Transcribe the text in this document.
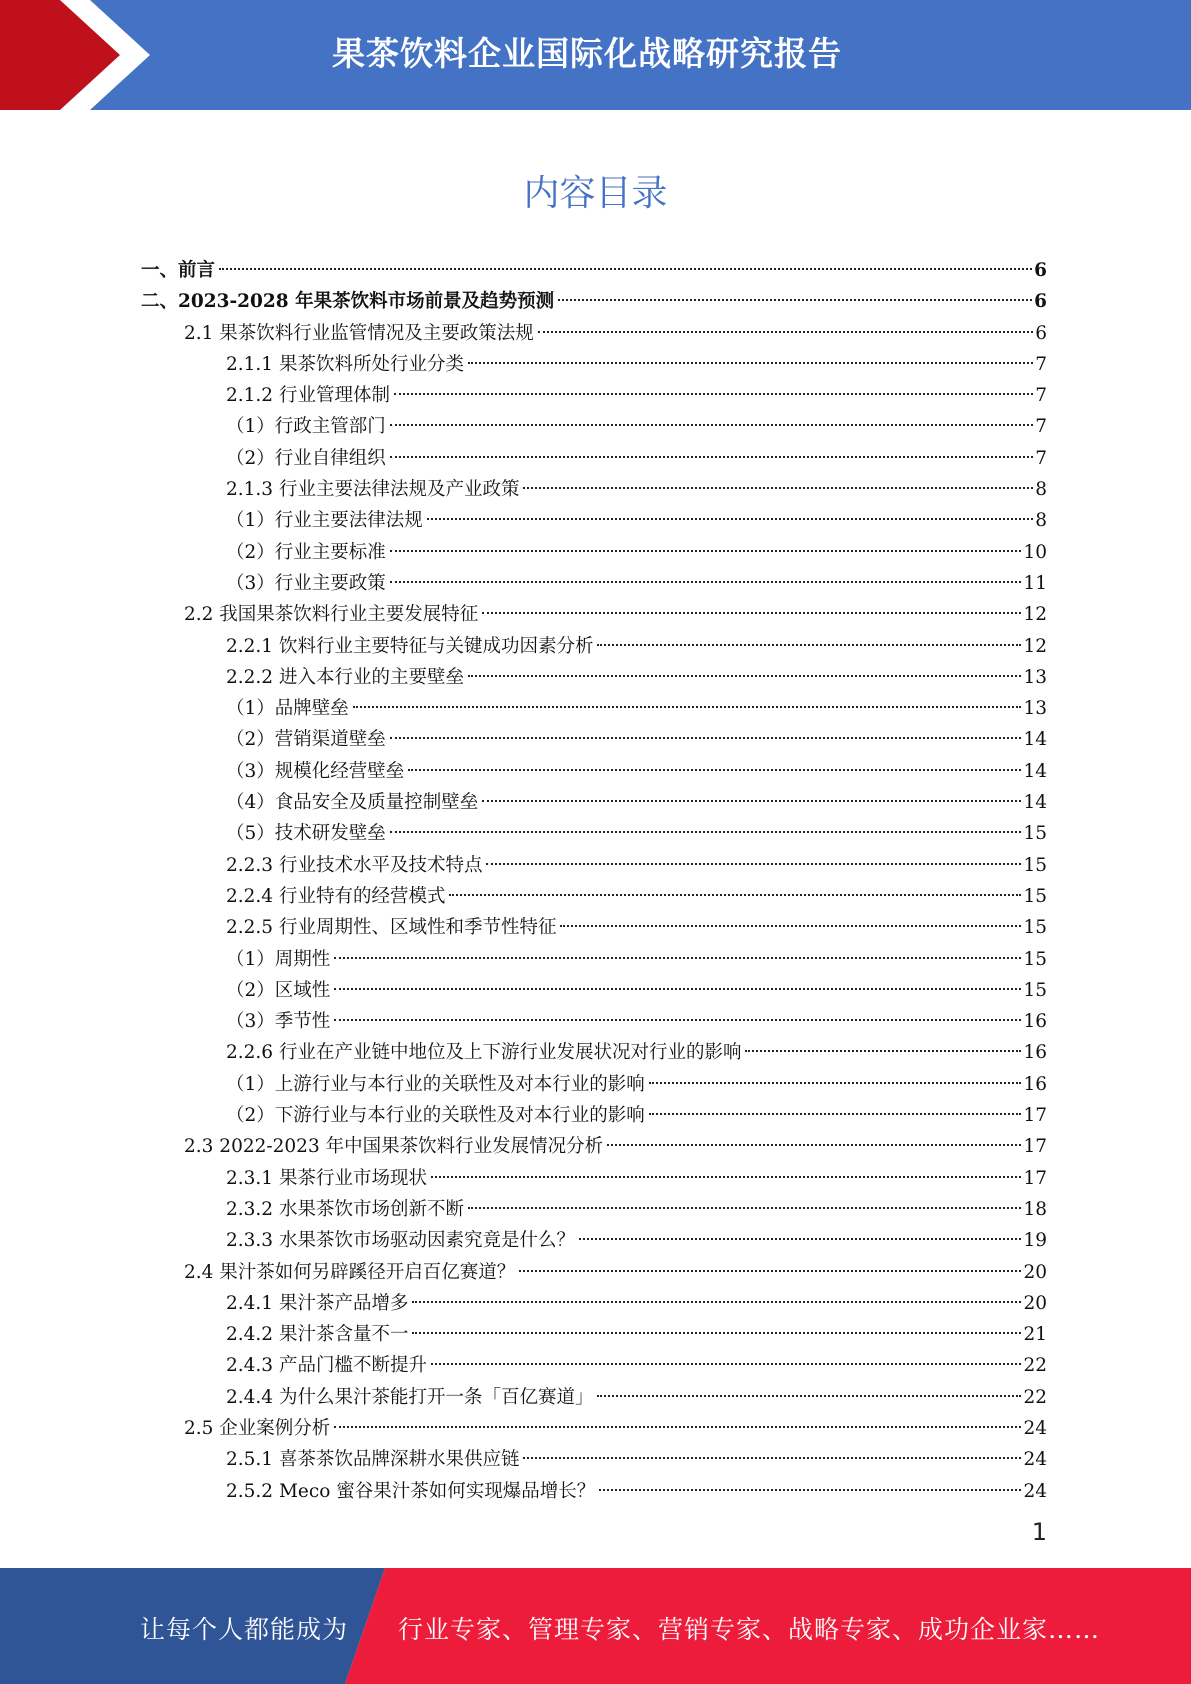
果茶饮料企业国际化战略研究报告
内容目录
一、前言	6
二、2023-2028 年果茶饮料市场前景及趋势预测	6
2.1 果茶饮料行业监管情况及主要政策法规	6
2.1.1 果茶饮料所处行业分类	7
2.1.2 行业管理体制	7
（1）行政主管部门	7
（2）行业自律组织	7
2.1.3 行业主要法律法规及产业政策	8
（1）行业主要法律法规	8
（2）行业主要标准	10
（3）行业主要政策	11
2.2 我国果茶饮料行业主要发展特征	12
2.2.1 饮料行业主要特征与关键成功因素分析	12
2.2.2 进入本行业的主要壁垒	13
（1）品牌壁垒	13
（2）营销渠道壁垒	14
（3）规模化经营壁垒	14
（4）食品安全及质量控制壁垒	14
（5）技术研发壁垒	15
2.2.3 行业技术水平及技术特点	15
2.2.4 行业特有的经营模式	15
2.2.5 行业周期性、区域性和季节性特征	15
（1）周期性	15
（2）区域性	15
（3）季节性	16
2.2.6 行业在产业链中地位及上下游行业发展状况对行业的影响	16
（1）上游行业与本行业的关联性及对本行业的影响	16
（2）下游行业与本行业的关联性及对本行业的影响	17
2.3 2022-2023 年中国果茶饮料行业发展情况分析	17
2.3.1 果茶行业市场现状	17
2.3.2 水果茶饮市场创新不断	18
2.3.3 水果茶饮市场驱动因素究竟是什么？	19
2.4 果汁茶如何另辟蹊径开启百亿赛道？	20
2.4.1 果汁茶产品增多	20
2.4.2 果汁茶含量不一	21
2.4.3 产品门槛不断提升	22
2.4.4 为什么果汁茶能打开一条「百亿赛道」	22
2.5 企业案例分析	24
2.5.1 喜茶茶饮品牌深耕水果供应链	24
2.5.2 Meco 蜜谷果汁茶如何实现爆品增长？	24
1
让每个人都能成为 行业专家、管理专家、营销专家、战略专家、成功企业家……
